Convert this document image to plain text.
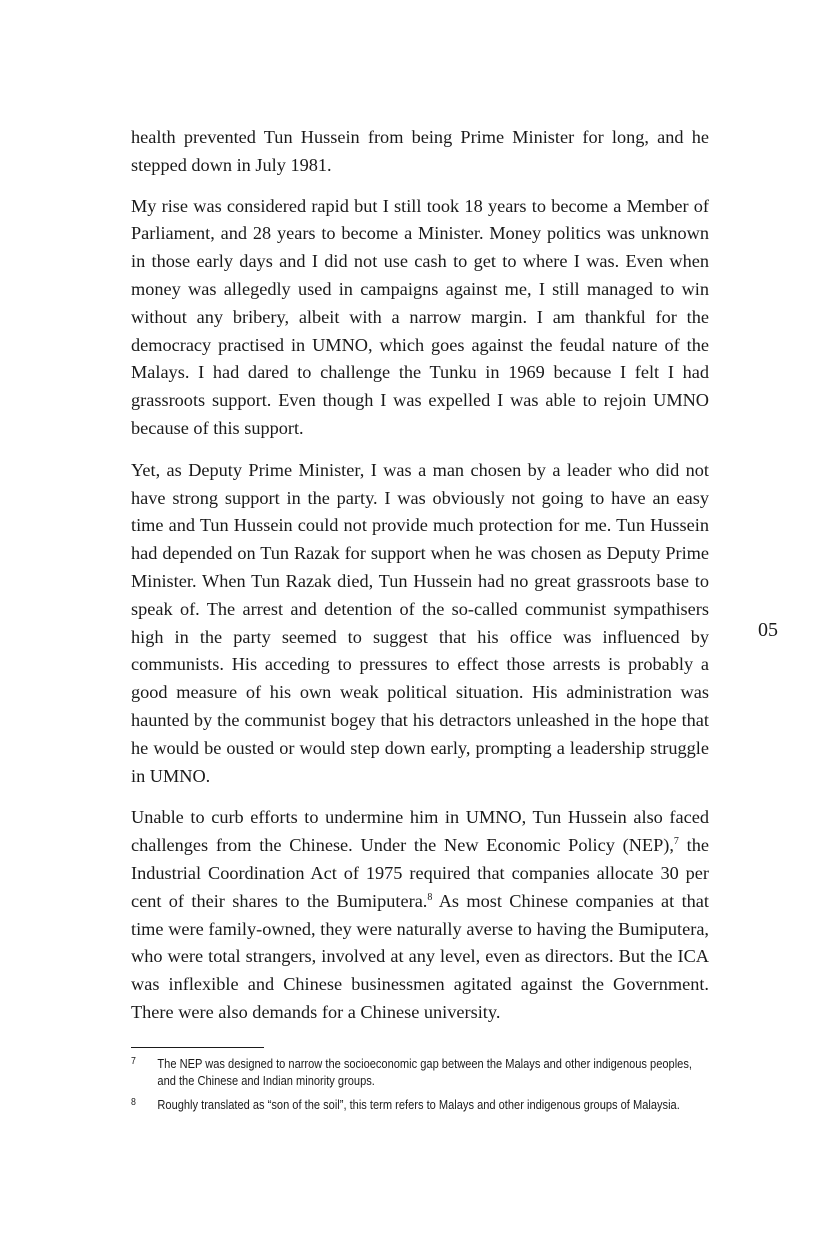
health prevented Tun Hussein from being Prime Minister for long, and he stepped down in July 1981.

My rise was considered rapid but I still took 18 years to become a Member of Parliament, and 28 years to become a Minister. Money politics was unknown in those early days and I did not use cash to get to where I was. Even when money was allegedly used in campaigns against me, I still managed to win without any bribery, albeit with a narrow margin. I am thankful for the democracy practised in UMNO, which goes against the feudal nature of the Malays. I had dared to challenge the Tunku in 1969 because I felt I had grassroots support. Even though I was expelled I was able to rejoin UMNO because of this support.

Yet, as Deputy Prime Minister, I was a man chosen by a leader who did not have strong support in the party. I was obviously not going to have an easy time and Tun Hussein could not provide much protection for me. Tun Hussein had depended on Tun Razak for support when he was chosen as Deputy Prime Minister. When Tun Razak died, Tun Hussein had no great grassroots base to speak of. The arrest and detention of the so-called communist sympathisers high in the party seemed to suggest that his office was influenced by communists. His acceding to pressures to effect those arrests is probably a good measure of his own weak political situation. His administration was haunted by the communist bogey that his detractors unleashed in the hope that he would be ousted or would step down early, prompting a leadership struggle in UMNO.

Unable to curb efforts to undermine him in UMNO, Tun Hussein also faced challenges from the Chinese. Under the New Economic Policy (NEP),$^7$ the Industrial Coordination Act of 1975 required that companies allocate 30 per cent of their shares to the Bumiputera.$^8$ As most Chinese companies at that time were family-owned, they were naturally averse to having the Bumiputera, who were total strangers, involved at any level, even as directors. But the ICA was inflexible and Chinese businessmen agitated against the Government. There were also demands for a Chinese university.

05
7 The NEP was designed to narrow the socioeconomic gap between the Malays and other indigenous peoples, and the Chinese and Indian minority groups.
8 Roughly translated as “son of the soil”, this term refers to Malays and other indigenous groups of Malaysia.
